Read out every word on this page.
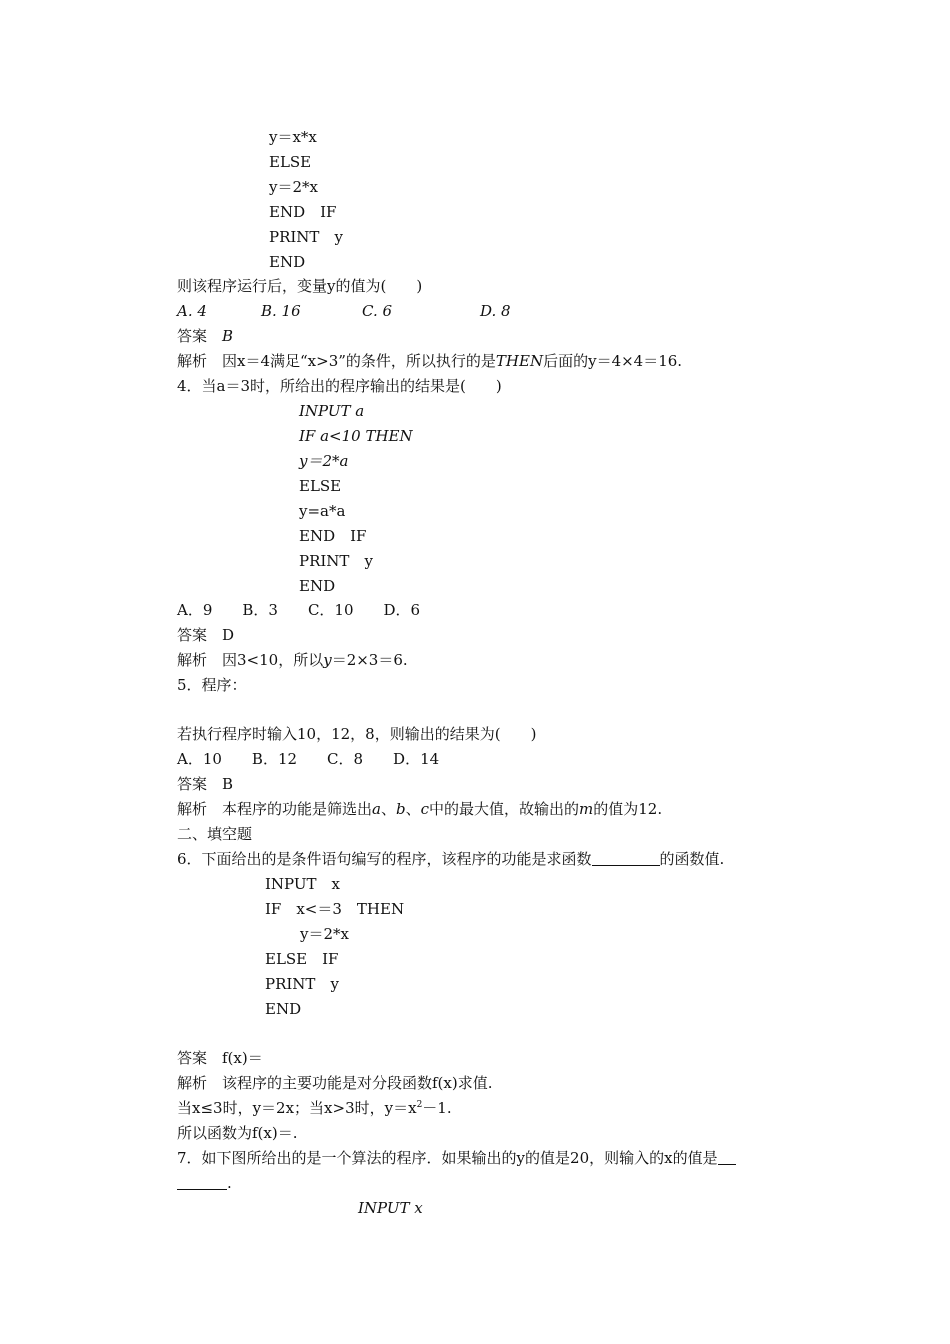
y＝x*x
ELSE
y＝2*x
END　IF
PRINT　y
END
则该程序运行后，变量y的值为(　　)
A. 4	B. 16	C. 6	D. 8
答案　B
解析　因x＝4满足“x>3”的条件，所以执行的是THEN后面的y＝4×4＝16.
4．当a＝3时，所给出的程序输出的结果是(　　)
INPUT a
IF a<10 THEN
y＝2*a
ELSE
y=a*a
END　IF
PRINT　y
END
A．9　　B．3　　C．10　　D．6
答案　D
解析　因3<10，所以y＝2×3＝6.
5．程序：
若执行程序时输入10，12，8，则输出的结果为(　　)
A．10　　B．12　　C．8　　D．14
答案　B
解析　本程序的功能是筛选出a、b、c中的最大值，故输出的m的值为12.
二、填空题
6．下面给出的是条件语句编写的程序，该程序的功能是求函数	的函数值.
INPUT　x
IF　x<＝3　THEN
y＝2*x
ELSE　IF
PRINT　y
END
答案　f(x)＝
解析　该程序的主要功能是对分段函数f(x)求值.
当x≤3时，y＝2x；当x>3时，$y=x^2-1$.
所以函数为f(x)＝.
7．如下图所给出的是一个算法的程序．如果输出的y的值是20，则输入的x的值是
.
INPUT x
